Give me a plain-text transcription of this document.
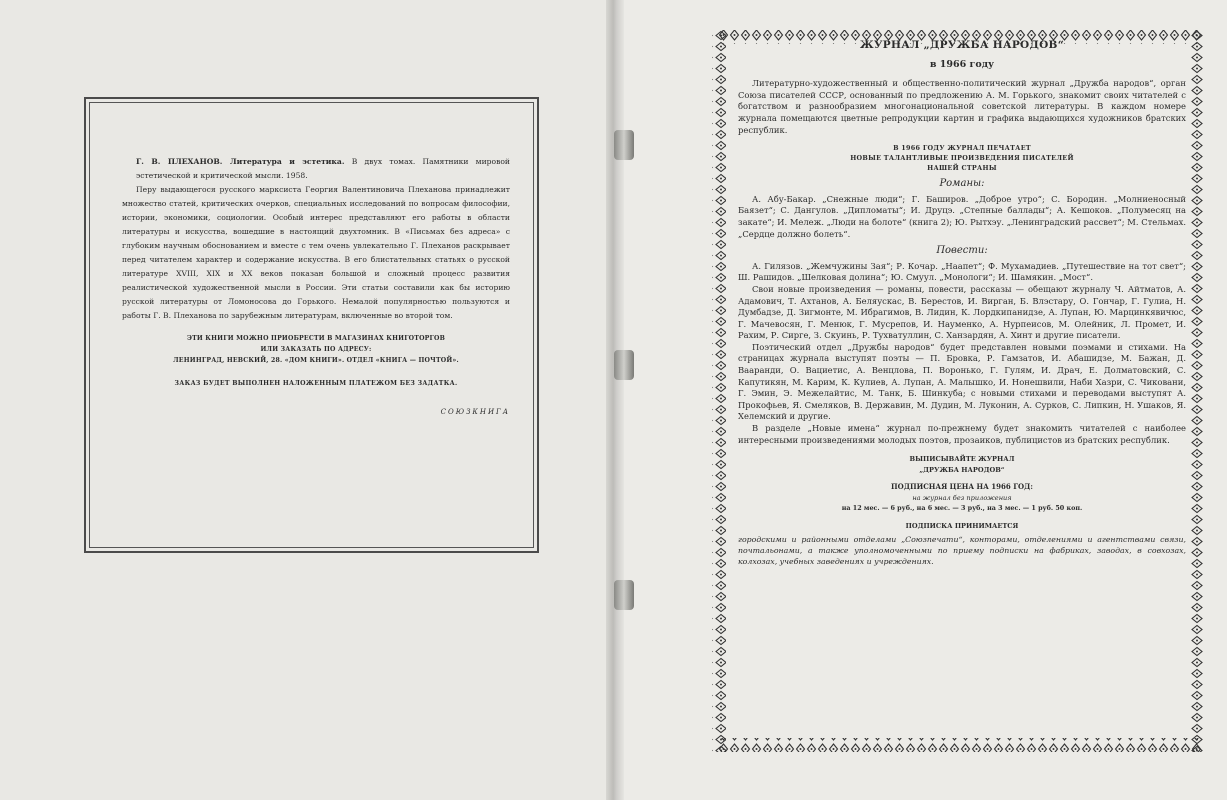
Г. В. ПЛЕХАНОВ. Литература и эстетика. В двух томах. Памятники мировой эстетической и критической мысли. 1958.

Перу выдающегося русского марксиста Георгия Валентиновича Плеханова принадлежит множество статей, критических очерков, специальных исследований по вопросам философии, истории, экономики, социологии. Особый интерес представляют его работы в области литературы и искусства, вошедшие в настоящий двухтомник. В «Письмах без адреса» с глубоким научным обоснованием и вместе с тем очень увлекательно Г. Плеханов раскрывает перед читателем характер и содержание искусства. В его блистательных статьях о русской литературе XVIII, XIX и XX веков показан большой и сложный процесс развития реалистической художественной мысли в России. Эти статьи составили как бы историю русской литературы от Ломоносова до Горького. Немалой популярностью пользуются и работы Г. В. Плеханова по зарубежным литературам, включенные во второй том.

ЭТИ КНИГИ МОЖНО ПРИОБРЕСТИ В МАГАЗИНАХ КНИГОТОРГОВ
ИЛИ ЗАКАЗАТЬ ПО АДРЕСУ:
ЛЕНИНГРАД, НЕВСКИЙ, 28. «ДОМ КНИГИ». ОТДЕЛ «КНИГА — ПОЧТОЙ».
ЗАКАЗ БУДЕТ ВЫПОЛНЕН НАЛОЖЕННЫМ ПЛАТЕЖОМ БЕЗ ЗАДАТКА.
СОЮЗКНИГА
ЖУРНАЛ „ДРУЖБА НАРОДОВ“
в 1966 году

Литературно-художественный и общественно-политический журнал „Дружба народов“, орган Союза писателей СССР, основанный по предложению А. М. Горького, знакомит своих читателей с богатством и разнообразием многонациональной советской литературы. В каждом номере журнала помещаются цветные репродукции картин и графика выдающихся художников братских республик.

В 1966 ГОДУ ЖУРНАЛ ПЕЧАТАЕТ
НОВЫЕ ТАЛАНТЛИВЫЕ ПРОИЗВЕДЕНИЯ ПИСАТЕЛЕЙ
НАШЕЙ СТРАНЫ
Романы:

А. Абу-Бакар. „Снежные люди“; Г. Баширов. „Доброе утро“; С. Бородин. „Молниеносный Баязет“; С. Дангулов. „Дипломаты“; И. Друцэ. „Степные баллады“; А. Кешоков. „Полумесяц на закате“; И. Мележ. „Люди на болоте“ (книга 2); Ю. Рытхэу. „Ленинградский рассвет“; М. Стельмах. „Сердце должно болеть“.

Повести:

А. Гилязов. „Жемчужины Зая“; Р. Кочар. „Наапет“; Ф. Мухамадиев. „Путешествие на тот свет“; Ш. Рашидов. „Шелковая долина“; Ю. Смуул. „Монологи“; И. Шамякин. „Мост“.

Свои новые произведения — романы, повести, рассказы — обещают журналу Ч. Айтматов, А. Адамович, Т. Ахтанов, А. Беляускас, В. Берестов, И. Вирган, Б. Влэстару, О. Гончар, Г. Гулиа, Н. Думбадзе, Д. Зигмонте, М. Ибрагимов, В. Лидин, К. Лордкипанидзе, А. Лупан, Ю. Марцинкявичюс, Г. Мачевосян, Г. Менюк, Г. Мусрепов, И. Науменко, А. Нурпеисов, М. Олейник, Л. Промет, И. Рахим, Р. Сирге, З. Скуинь, Р. Тухватуллин, С. Ханзардян, А. Хинт и другие писатели.

Поэтический отдел „Дружбы народов“ будет представлен новыми поэмами и стихами. На страницах журнала выступят поэты — П. Бровка, Р. Гамзатов, И. Абашидзе, М. Бажан, Д. Вааранди, О. Вациетис, А. Венцлова, П. Воронько, Г. Гулям, И. Драч, Е. Долматовский, С. Капутикян, М. Карим, К. Кулиев, А. Лупан, А. Малышко, И. Нонешвили, Наби Хазри, С. Чиковани, Г. Эмин, Э. Межелайтис, М. Танк, Б. Шинкуба; с новыми стихами и переводами выступят А. Прокофьев, Я. Смеляков, В. Державин, М. Дудин, М. Луконин, А. Сурков, С. Липкин, Н. Ушаков, Я. Хелемский и другие.

В разделе „Новые имена“ журнал по-прежнему будет знакомить читателей с наиболее интересными произведениями молодых поэтов, прозаиков, публицистов из братских республик.

ВЫПИСЫВАЙТЕ ЖУРНАЛ
„ДРУЖБА НАРОДОВ“
ПОДПИСНАЯ ЦЕНА НА 1966 ГОД:
на журнал без приложения
на 12 мес. — 6 руб., на 6 мес. — 3 руб., на 3 мес. — 1 руб. 50 коп.
ПОДПИСКА ПРИНИМАЕТСЯ
городскими и районными отделами „Союзпечати“, конторами, отделениями и агентствами связи, почтальонами, а также уполномоченными по приему подписки на фабриках, заводах, в совхозах, колхозах, учебных заведениях и учреждениях.
